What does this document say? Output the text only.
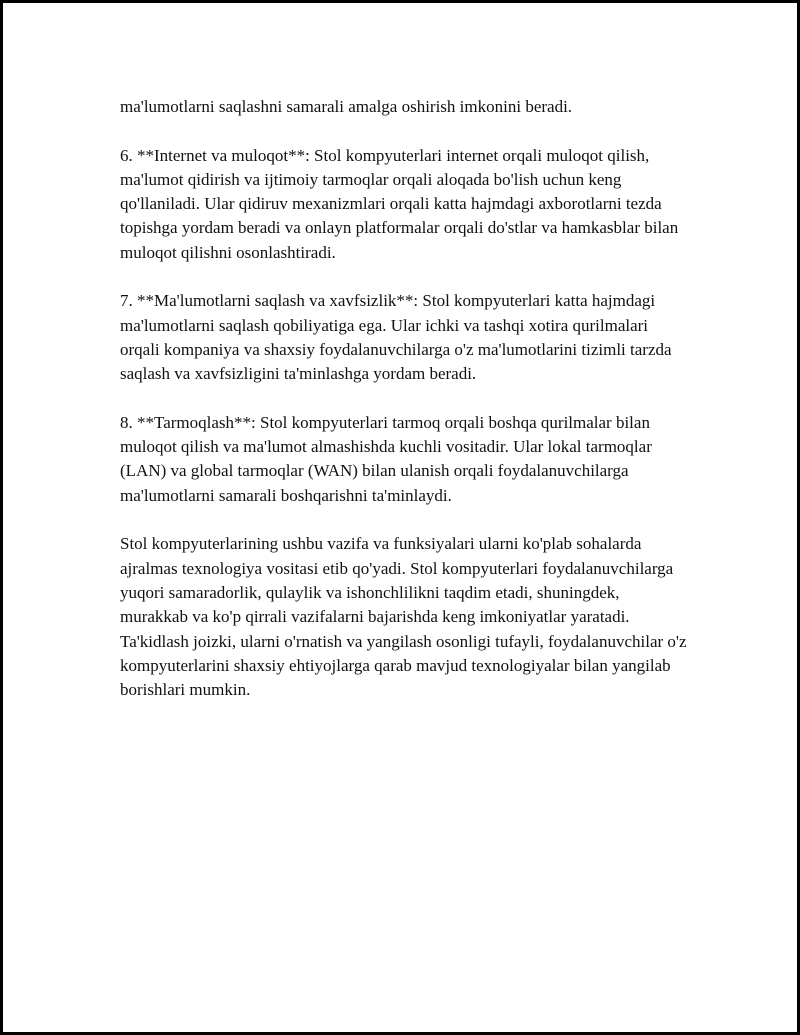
ma'lumotlarni saqlashni samarali amalga oshirish imkonini beradi.

6. **Internet va muloqot**: Stol kompyuterlari internet orqali muloqot qilish, ma'lumot qidirish va ijtimoiy tarmoqlar orqali aloqada bo'lish uchun keng qo'llaniladi. Ular qidiruv mexanizmlari orqali katta hajmdagi axborotlarni tezda topishga yordam beradi va onlayn platformalar orqali do'stlar va hamkasblar bilan muloqot qilishni osonlashtiradi.

7. **Ma'lumotlarni saqlash va xavfsizlik**: Stol kompyuterlari katta hajmdagi ma'lumotlarni saqlash qobiliyatiga ega. Ular ichki va tashqi xotira qurilmalari orqali kompaniya va shaxsiy foydalanuvchilarga o'z ma'lumotlarini tizimli tarzda saqlash va xavfsizligini ta'minlashga yordam beradi.

8. **Tarmoqlash**: Stol kompyuterlari tarmoq orqali boshqa qurilmalar bilan muloqot qilish va ma'lumot almashishda kuchli vositadir. Ular lokal tarmoqlar (LAN) va global tarmoqlar (WAN) bilan ulanish orqali foydalanuvchilarga ma'lumotlarni samarali boshqarishni ta'minlaydi.

Stol kompyuterlarining ushbu vazifa va funksiyalari ularni ko'plab sohalarda ajralmas texnologiya vositasi etib qo'yadi. Stol kompyuterlari foydalanuvchilarga yuqori samaradorlik, qulaylik va ishonchlilikni taqdim etadi, shuningdek, murakkab va ko'p qirrali vazifalarni bajarishda keng imkoniyatlar yaratadi. Ta'kidlash joizki, ularni o'rnatish va yangilash osonligi tufayli, foydalanuvchilar o'z kompyuterlarini shaxsiy ehtiyojlarga qarab mavjud texnologiyalar bilan yangilab borishlari mumkin.
